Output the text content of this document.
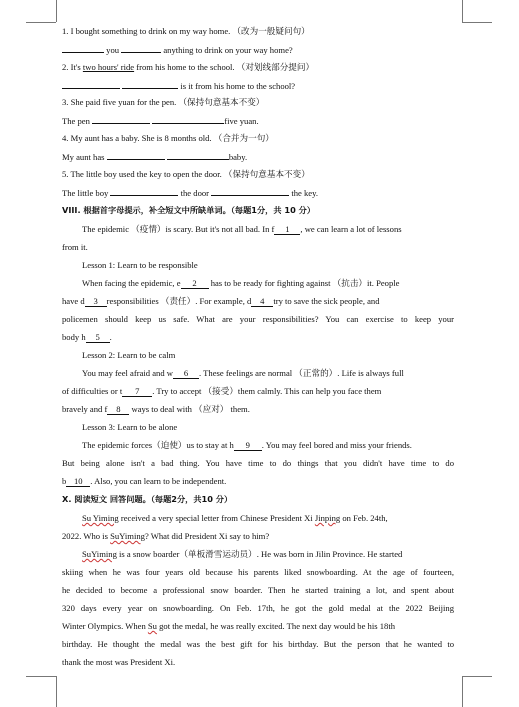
1. I bought something to drink on my way home. （改为一般疑问句）
you	anything to drink on your way home?
2. It's two hours' ride from his home to the school. （对划线部分提问）
is it from his home to the school?
3. She paid five yuan for the pen. （保持句意基本不变）
The pen	five yuan.
4. My aunt has a baby. She is 8 months old. （合并为一句）
My aunt has	baby.
5. The little boy used the key to open the door. （保持句意基本不变）
The little boy	the door	the key.
VIII. 根据首字母提示，补全短文中所缺单词。（每题1分，共 10 分）
The epidemic （疫情）is scary. But it's not all bad. In f 1 , we can learn a lot of lessons
from it.
Lesson 1: Learn to be responsible
When facing the epidemic, e 2 has to be ready for fighting against （抗击）it. People
have d 3 responsibilities （责任）. For example, d 4 try to save the sick people, and
policemen should keep us safe. What are your responsibilities? You can exercise to keep your
body h 5 .
Lesson 2: Learn to be calm
You may feel afraid and w 6 . These feelings are normal （正常的）. Life is always full
of difficulties or t 7 . Try to accept （接受）them calmly. This can help you face them
bravely and f 8 ways to deal with （应对） them.
Lesson 3: Learn to be alone
The epidemic forces（迫使）us to stay at h 9 . You may feel bored and miss your friends.
But being alone isn't a bad thing. You have time to do things that you didn't have time to do
b 10 . Also, you can learn to be independent.
X. 阅读短文 回答问题。（每题2分，共10 分）
Su Yiming received a very special letter from Chinese President Xi Jinping on Feb. 24th,
2022. Who is SuYiming? What did President Xi say to him?
SuYiming is a snow boarder（单板滑雪运动员）. He was born in Jilin Province. He started
skiing when he was four years old because his parents liked snowboarding. At the age of fourteen,
he decided to become a professional snow boarder. Then he started training a lot, and spent about
320 days every year on snowboarding. On Feb. 17th, he got the gold medal at the 2022 Beijing
Winter Olympics. When Su got the medal, he was really excited. The next day would be his 18th
birthday. He thought the medal was the best gift for his birthday. But the person that he wanted to
thank the most was President Xi.
